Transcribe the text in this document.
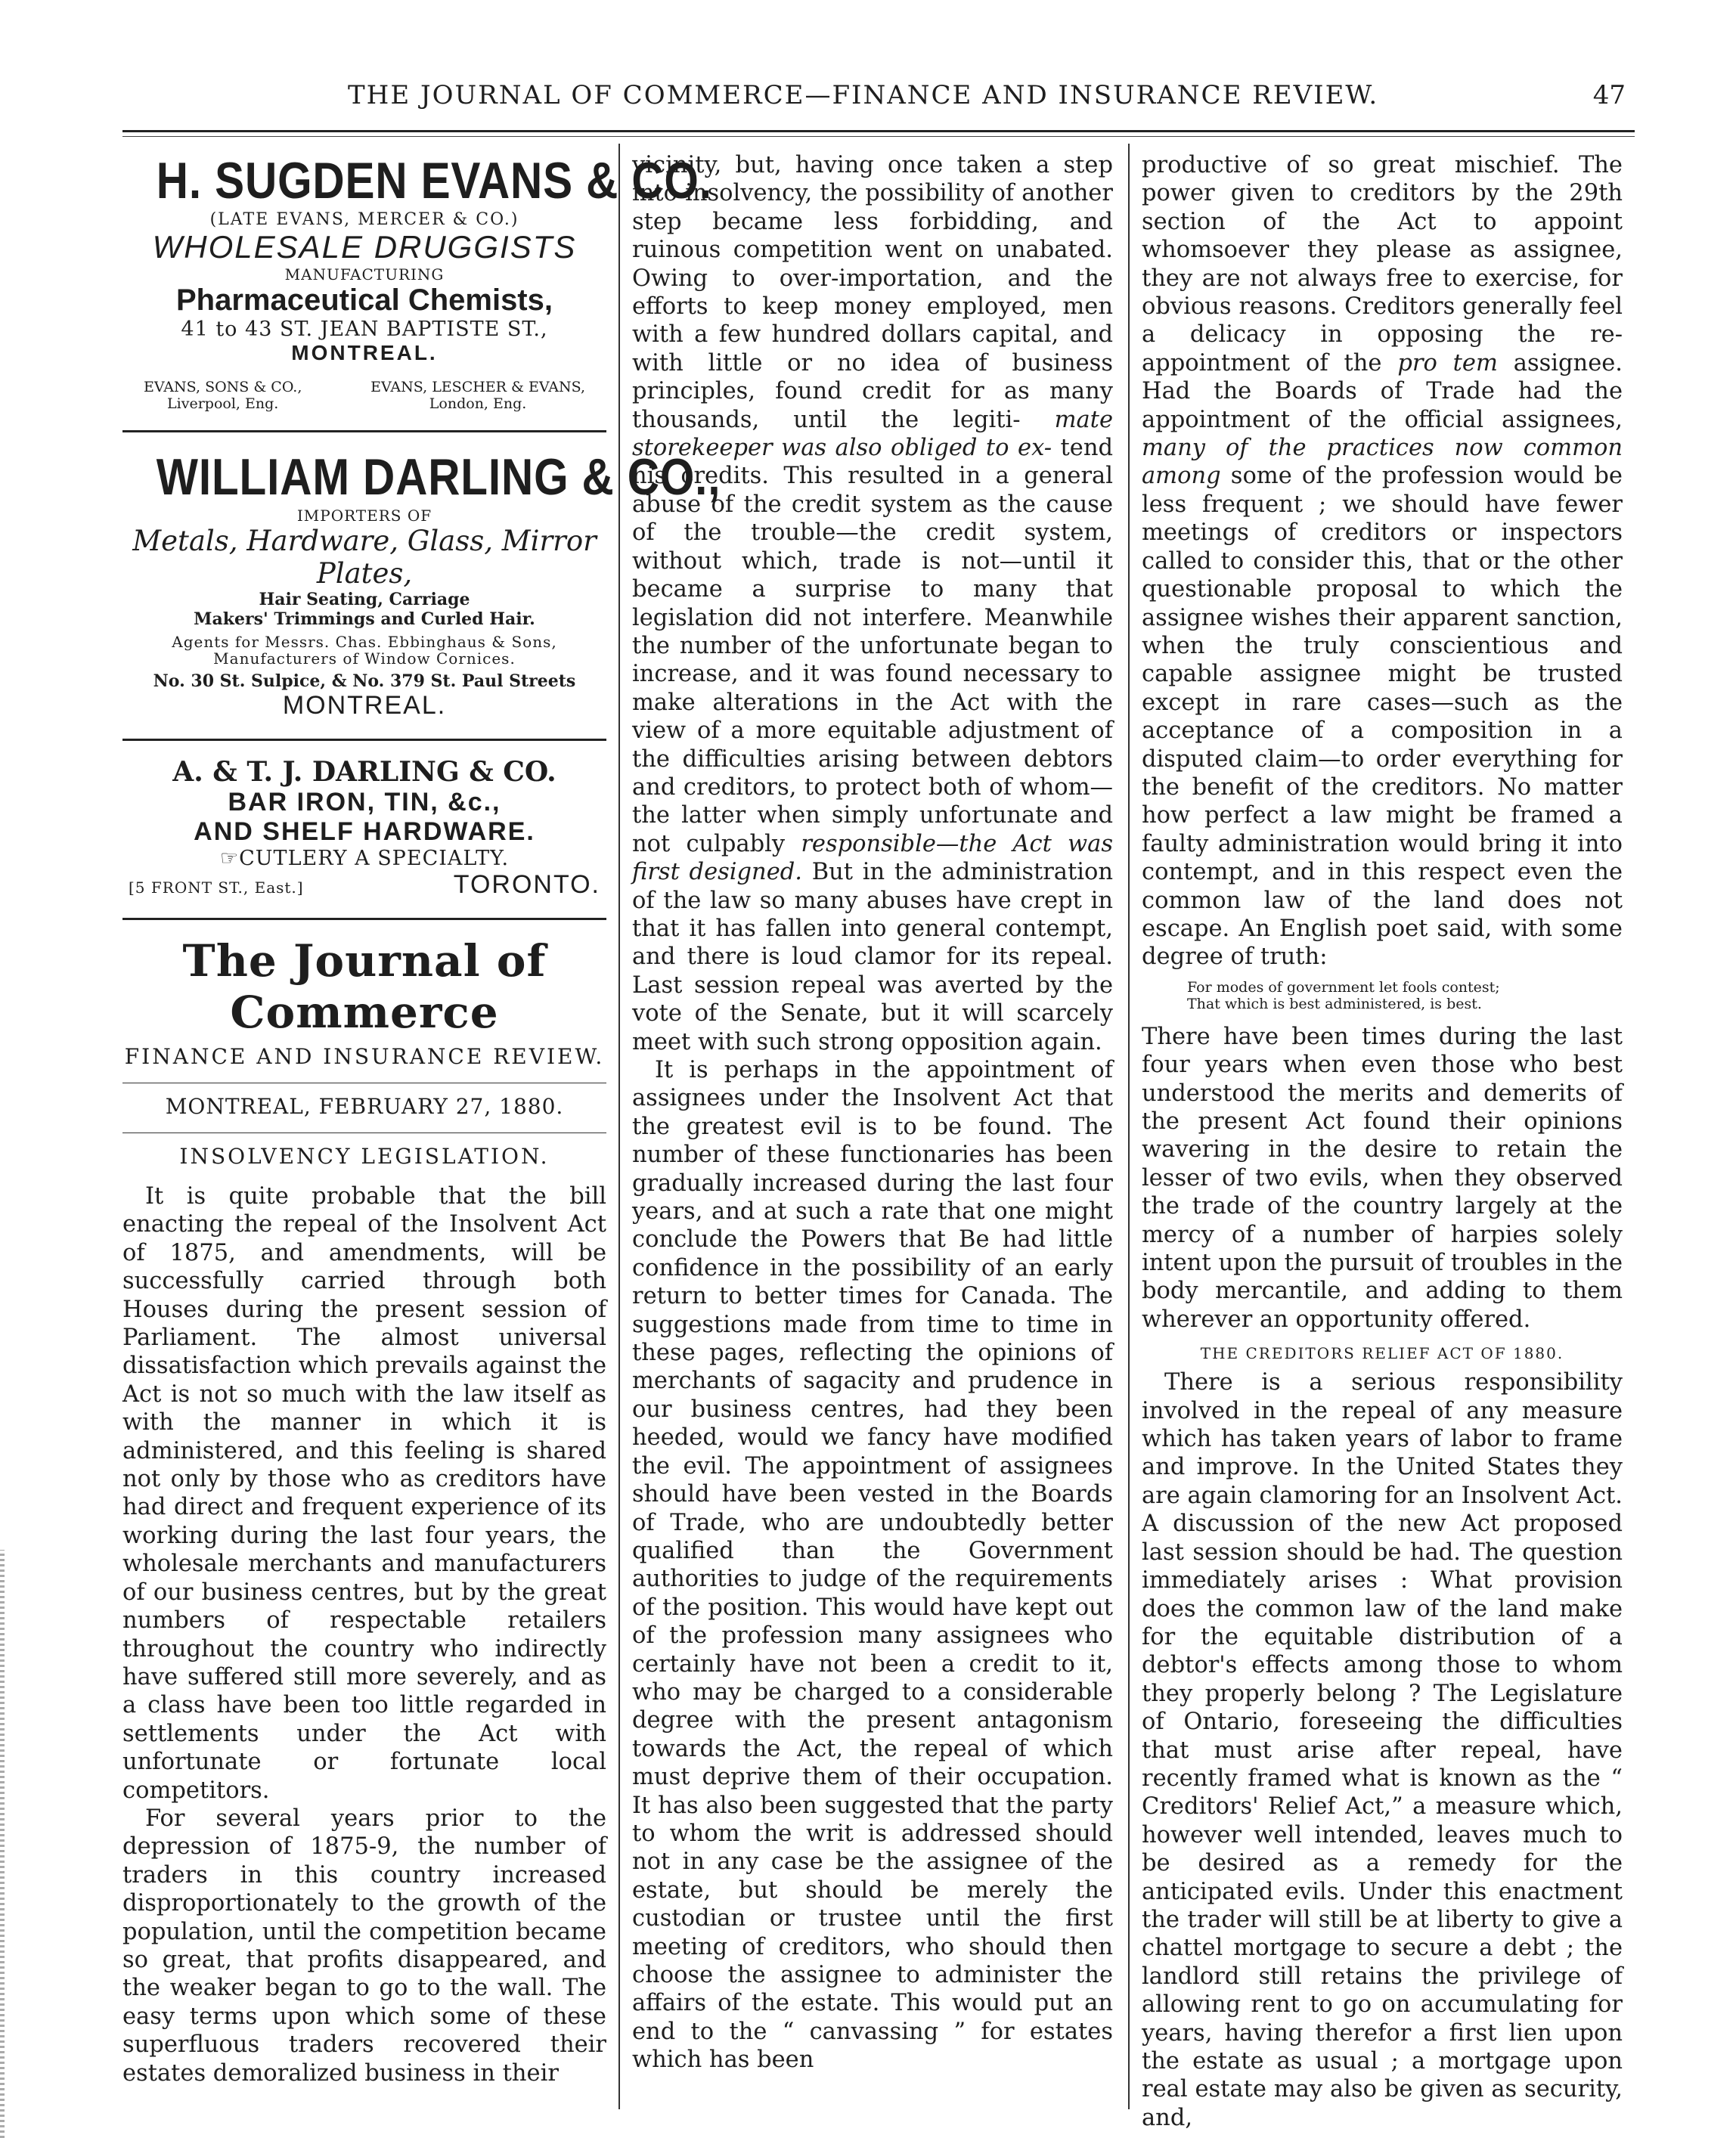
THE JOURNAL OF COMMERCE—FINANCE AND INSURANCE REVIEW.	47
H. SUGDEN EVANS & CO.
(LATE EVANS, MERCER & CO.)
WHOLESALE DRUGGISTS
MANUFACTURING
Pharmaceutical Chemists,
41 to 43 ST. JEAN BAPTISTE ST.,
MONTREAL.
EVANS, SONS & CO.,
Liverpool, Eng.
EVANS, LESCHER & EVANS,
London, Eng.
WILLIAM DARLING & CO.,
IMPORTERS OF
Metals, Hardware, Glass, Mirror Plates,
Hair Seating, Carriage
Makers' Trimmings and Curled Hair.
Agents for Messrs. Chas. Ebbinghaus & Sons, Manufacturers of Window Cornices.
No. 30 St. Sulpice, & No. 379 St. Paul Streets
MONTREAL.
A. & T. J. DARLING & CO.
BAR IRON, TIN, &c.,
AND SHELF HARDWARE.
☞CUTLERY A SPECIALTY.
[5 FRONT ST., East.]	TORONTO.
The Journal of Commerce
FINANCE AND INSURANCE REVIEW.
MONTREAL, FEBRUARY 27, 1880.
INSOLVENCY LEGISLATION.

It is quite probable that the bill enacting the repeal of the Insolvent Act of 1875, and amendments, will be successfully carried through both Houses during the present session of Parliament. The almost universal dissatisfaction which prevails against the Act is not so much with the law itself as with the manner in which it is administered, and this feeling is shared not only by those who as creditors have had direct and frequent experience of its working during the last four years, the wholesale merchants and manufacturers of our business centres, but by the great numbers of respectable retailers throughout the country who indirectly have suffered still more severely, and as a class have been too little regarded in settlements under the Act with unfortunate or fortunate local competitors.

For several years prior to the depression of 1875-9, the number of traders in this country increased disproportionately to the growth of the population, until the competition became so great, that profits disappeared, and the weaker began to go to the wall. The easy terms upon which some of these superfluous traders recovered their estates demoralized business in their

vicinity, but, having once taken a step into insolvency, the possibility of another step became less forbidding, and ruinous competition went on unabated. Owing to over-importation, and the efforts to keep money employed, men with a few hundred dollars capital, and with little or no idea of business principles, found credit for as many thousands, until the legiti- mate storekeeper was also obliged to ex- tend his credits. This resulted in a general abuse of the credit system as the cause of the trouble—the credit system, without which, trade is not—until it became a surprise to many that legislation did not interfere. Meanwhile the number of the unfortunate began to increase, and it was found necessary to make alterations in the Act with the view of a more equitable adjustment of the difficulties arising between debtors and creditors, to protect both of whom—the latter when simply unfortunate and not culpably responsible—the Act was first designed. But in the administration of the law so many abuses have crept in that it has fallen into general contempt, and there is loud clamor for its repeal. Last session repeal was averted by the vote of the Senate, but it will scarcely meet with such strong opposition again.

It is perhaps in the appointment of assignees under the Insolvent Act that the greatest evil is to be found. The number of these functionaries has been gradually increased during the last four years, and at such a rate that one might conclude the Powers that Be had little confidence in the possibility of an early return to better times for Canada. The suggestions made from time to time in these pages, reflecting the opinions of merchants of sagacity and prudence in our business centres, had they been heeded, would we fancy have modified the evil. The appointment of assignees should have been vested in the Boards of Trade, who are undoubtedly better qualified than the Government authorities to judge of the requirements of the position. This would have kept out of the profession many assignees who certainly have not been a credit to it, who may be charged to a considerable degree with the present antagonism towards the Act, the repeal of which must deprive them of their occupation. It has also been suggested that the party to whom the writ is addressed should not in any case be the assignee of the estate, but should be merely the custodian or trustee until the first meeting of creditors, who should then choose the assignee to administer the affairs of the estate. This would put an end to the “ canvassing ” for estates which has been

productive of so great mischief. The power given to creditors by the 29th section of the Act to appoint whomsoever they please as assignee, they are not always free to exercise, for obvious reasons. Creditors generally feel a delicacy in opposing the re-appointment of the pro tem assignee. Had the Boards of Trade had the appointment of the official assignees, many of the practices now common among some of the profession would be less frequent ; we should have fewer meetings of creditors or inspectors called to consider this, that or the other questionable proposal to which the assignee wishes their apparent sanction, when the truly conscientious and capable assignee might be trusted except in rare cases—such as the acceptance of a composition in a disputed claim—to order everything for the benefit of the creditors. No matter how perfect a law might be framed a faulty administration would bring it into contempt, and in this respect even the common law of the land does not escape. An English poet said, with some degree of truth:

For modes of government let fools contest;
That which is best administered, is best.

There have been times during the last four years when even those who best understood the merits and demerits of the present Act found their opinions wavering in the desire to retain the lesser of two evils, when they observed the trade of the country largely at the mercy of a number of harpies solely intent upon the pursuit of troubles in the body mercantile, and adding to them wherever an opportunity offered.

THE CREDITORS RELIEF ACT OF 1880.

There is a serious responsibility involved in the repeal of any measure which has taken years of labor to frame and improve. In the United States they are again clamoring for an Insolvent Act. A discussion of the new Act proposed last session should be had. The question immediately arises : What provision does the common law of the land make for the equitable distribution of a debtor's effects among those to whom they properly belong ? The Legislature of Ontario, foreseeing the difficulties that must arise after repeal, have recently framed what is known as the “ Creditors' Relief Act,” a measure which, however well intended, leaves much to be desired as a remedy for the anticipated evils. Under this enactment the trader will still be at liberty to give a chattel mortgage to secure a debt ; the landlord still retains the privilege of allowing rent to go on accumulating for years, having therefor a first lien upon the estate as usual ; a mortgage upon real estate may also be given as security, and,
